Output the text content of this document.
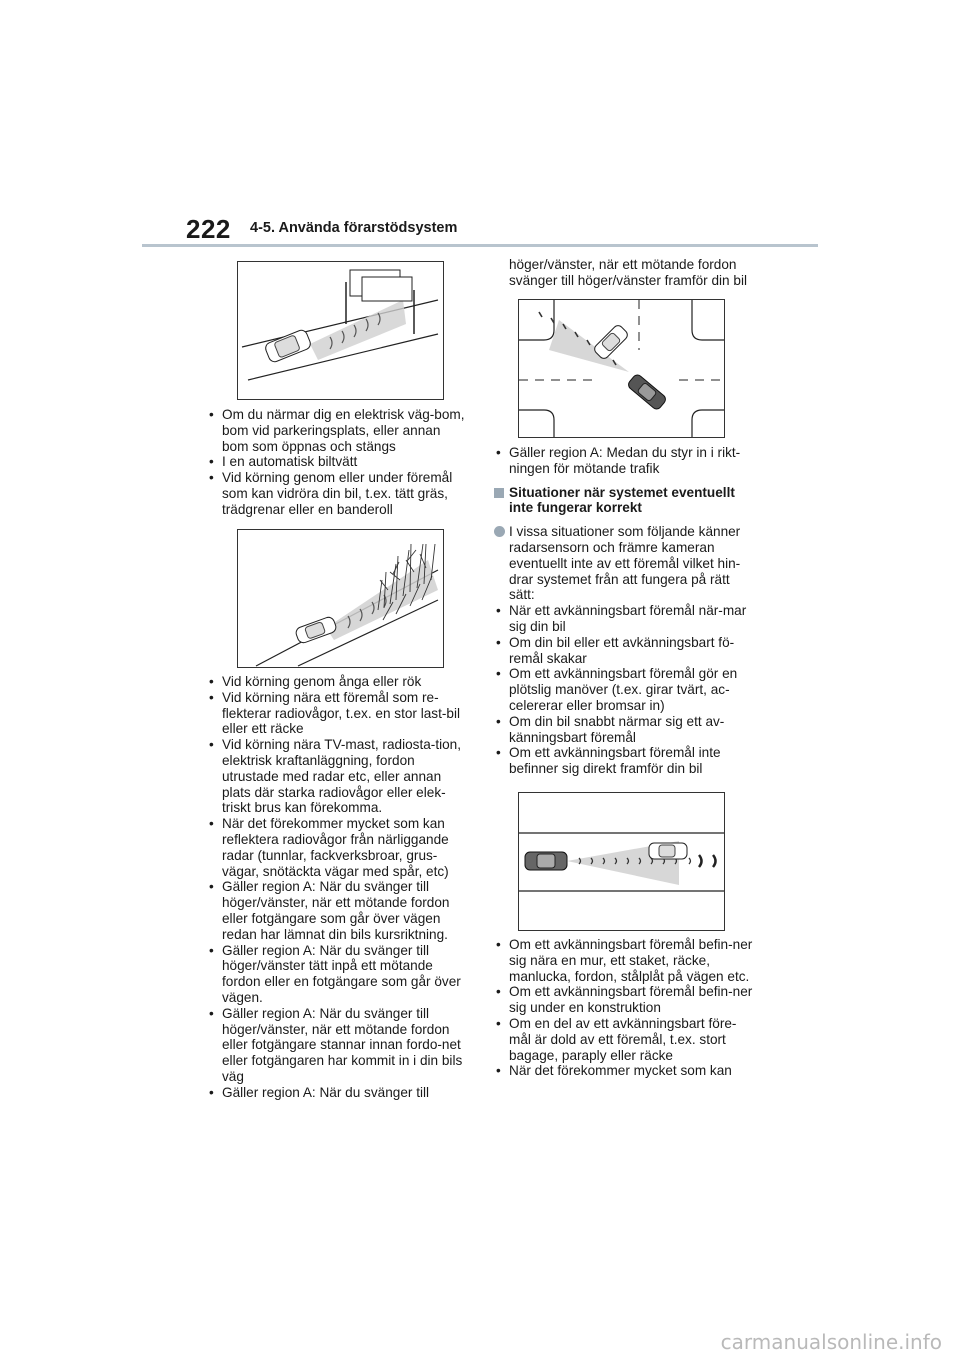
222 4-5. Använda förarstödsystem
• Om du närmar dig en elektrisk väg-bom, bom vid parkeringsplats, eller annan bom som öppnas och stängs
• I en automatisk biltvätt
• Vid körning genom eller under föremål som kan vidröra din bil, t.ex. tätt gräs, trädgrenar eller en banderoll
• Vid körning genom ånga eller rök
• Vid körning nära ett föremål som re-flekterar radiovågor, t.ex. en stor last-bil eller ett räcke
• Vid körning nära TV-mast, radiosta-tion, elektrisk kraftanläggning, fordon utrustade med radar etc, eller annan plats där starka radiovågor eller elek-triskt brus kan förekomma.
• När det förekommer mycket som kan reflektera radiovågor från närliggande radar (tunnlar, fackverksbroar, grus-vägar, snötäckta vägar med spår, etc)
• Gäller region A: När du svänger till höger/vänster, när ett mötande fordon eller fotgängare som går över vägen redan har lämnat din bils kursriktning.
• Gäller region A: När du svänger till höger/vänster tätt inpå ett mötande fordon eller en fotgängare som går över vägen.
• Gäller region A: När du svänger till höger/vänster, när ett mötande fordon eller fotgängare stannar innan fordo-net eller fotgängaren har kommit in i din bils väg
• Gäller region A: När du svänger till
höger/vänster, när ett mötande fordon svänger till höger/vänster framför din bil
• Gäller region A: Medan du styr in i rikt-ningen för mötande trafik
Situationer när systemet eventuellt inte fungerar korrekt
I vissa situationer som följande känner radarsensorn och främre kameran eventuellt inte av ett föremål vilket hin-drar systemet från att fungera på rätt sätt:
• När ett avkänningsbart föremål när-mar sig din bil
• Om din bil eller ett avkänningsbart fö-remål skakar
• Om ett avkänningsbart föremål gör en plötslig manöver (t.ex. girar tvärt, ac-celererar eller bromsar in)
• Om din bil snabbt närmar sig ett av-känningsbart föremål
• Om ett avkänningsbart föremål inte befinner sig direkt framför din bil
• Om ett avkänningsbart föremål befin-ner sig nära en mur, ett staket, räcke, manlucka, fordon, stålplåt på vägen etc.
• Om ett avkänningsbart föremål befin-ner sig under en konstruktion
• Om en del av ett avkänningsbart före-mål är dold av ett föremål, t.ex. stort bagage, paraply eller räcke
• När det förekommer mycket som kan
carmanualsonline.info
